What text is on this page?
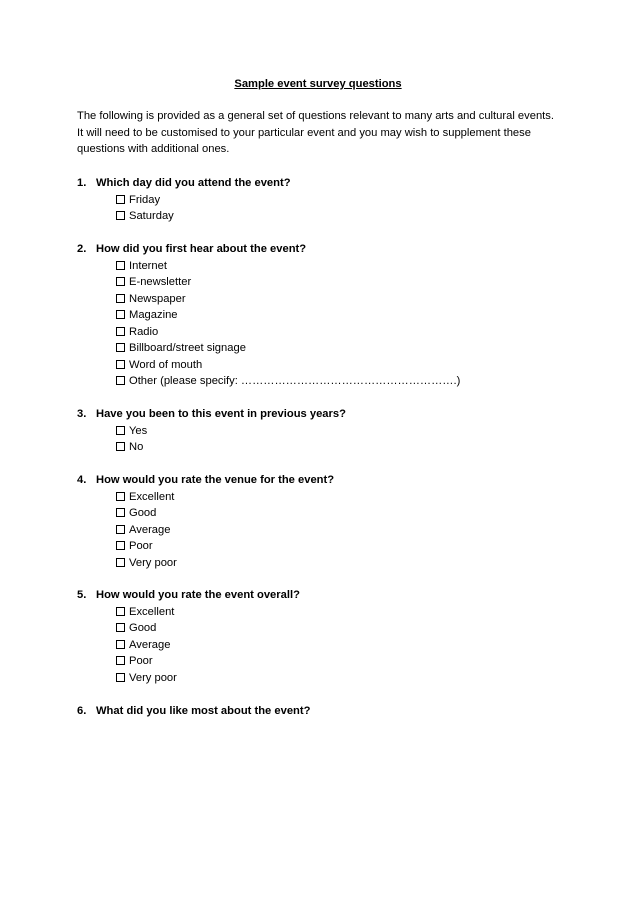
Sample event survey questions

The following is provided as a general set of questions relevant to many arts and cultural events. It will need to be customised to your particular event and you may wish to supplement these questions with additional ones.

1. Which day did you attend the event?
Friday
Saturday
2. How did you first hear about the event?
Internet
E-newsletter
Newspaper
Magazine
Radio
Billboard/street signage
Word of mouth
Other (please specify: ………………………………………………….)
3. Have you been to this event in previous years?
Yes
No
4. How would you rate the venue for the event?
Excellent
Good
Average
Poor
Very poor
5. How would you rate the event overall?
Excellent
Good
Average
Poor
Very poor
6. What did you like most about the event?
